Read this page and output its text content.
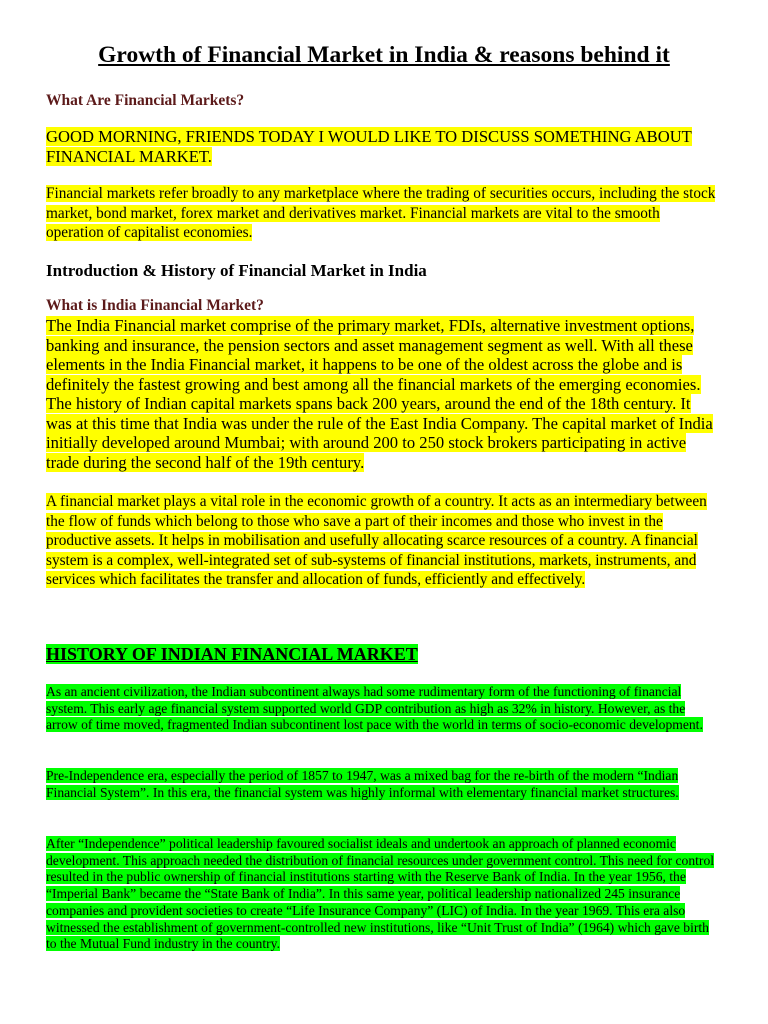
Growth of Financial Market in India & reasons behind it
What Are Financial Markets?

GOOD MORNING, FRIENDS TODAY I WOULD LIKE TO DISCUSS SOMETHING ABOUT FINANCIAL MARKET.

Financial markets refer broadly to any marketplace where the trading of securities occurs, including the stock market, bond market, forex market and derivatives market. Financial markets are vital to the smooth operation of capitalist economies.

Introduction & History of Financial Market in India
What is India Financial Market?

The India Financial market comprise of the primary market, FDIs, alternative investment options, banking and insurance, the pension sectors and asset management segment as well. With all these elements in the India Financial market, it happens to be one of the oldest across the globe and is definitely the fastest growing and best among all the financial markets of the emerging economies. The history of Indian capital markets spans back 200 years, around the end of the 18th century. It was at this time that India was under the rule of the East India Company. The capital market of India initially developed around Mumbai; with around 200 to 250 stock brokers participating in active trade during the second half of the 19th century.

A financial market plays a vital role in the economic growth of a country. It acts as an intermediary between the flow of funds which belong to those who save a part of their incomes and those who invest in the productive assets. It helps in mobilisation and usefully allocating scarce resources of a country. A financial system is a complex, well-integrated set of sub-systems of financial institutions, markets, instruments, and services which facilitates the transfer and allocation of funds, efficiently and effectively.

HISTORY OF INDIAN FINANCIAL MARKET

As an ancient civilization, the Indian subcontinent always had some rudimentary form of the functioning of financial system. This early age financial system supported world GDP contribution as high as 32% in history. However, as the arrow of time moved, fragmented Indian subcontinent lost pace with the world in terms of socio-economic development.

Pre-Independence era, especially the period of 1857 to 1947, was a mixed bag for the re-birth of the modern “Indian Financial System”. In this era, the financial system was highly informal with elementary financial market structures.

After “Independence” political leadership favoured socialist ideals and undertook an approach of planned economic development. This approach needed the distribution of financial resources under government control. This need for control resulted in the public ownership of financial institutions starting with the Reserve Bank of India. In the year 1956, the “Imperial Bank” became the “State Bank of India”. In this same year, political leadership nationalized 245 insurance companies and provident societies to create “Life Insurance Company” (LIC) of India. In the year 1969. This era also witnessed the establishment of government-controlled new institutions, like “Unit Trust of India” (1964) which gave birth to the Mutual Fund industry in the country.
